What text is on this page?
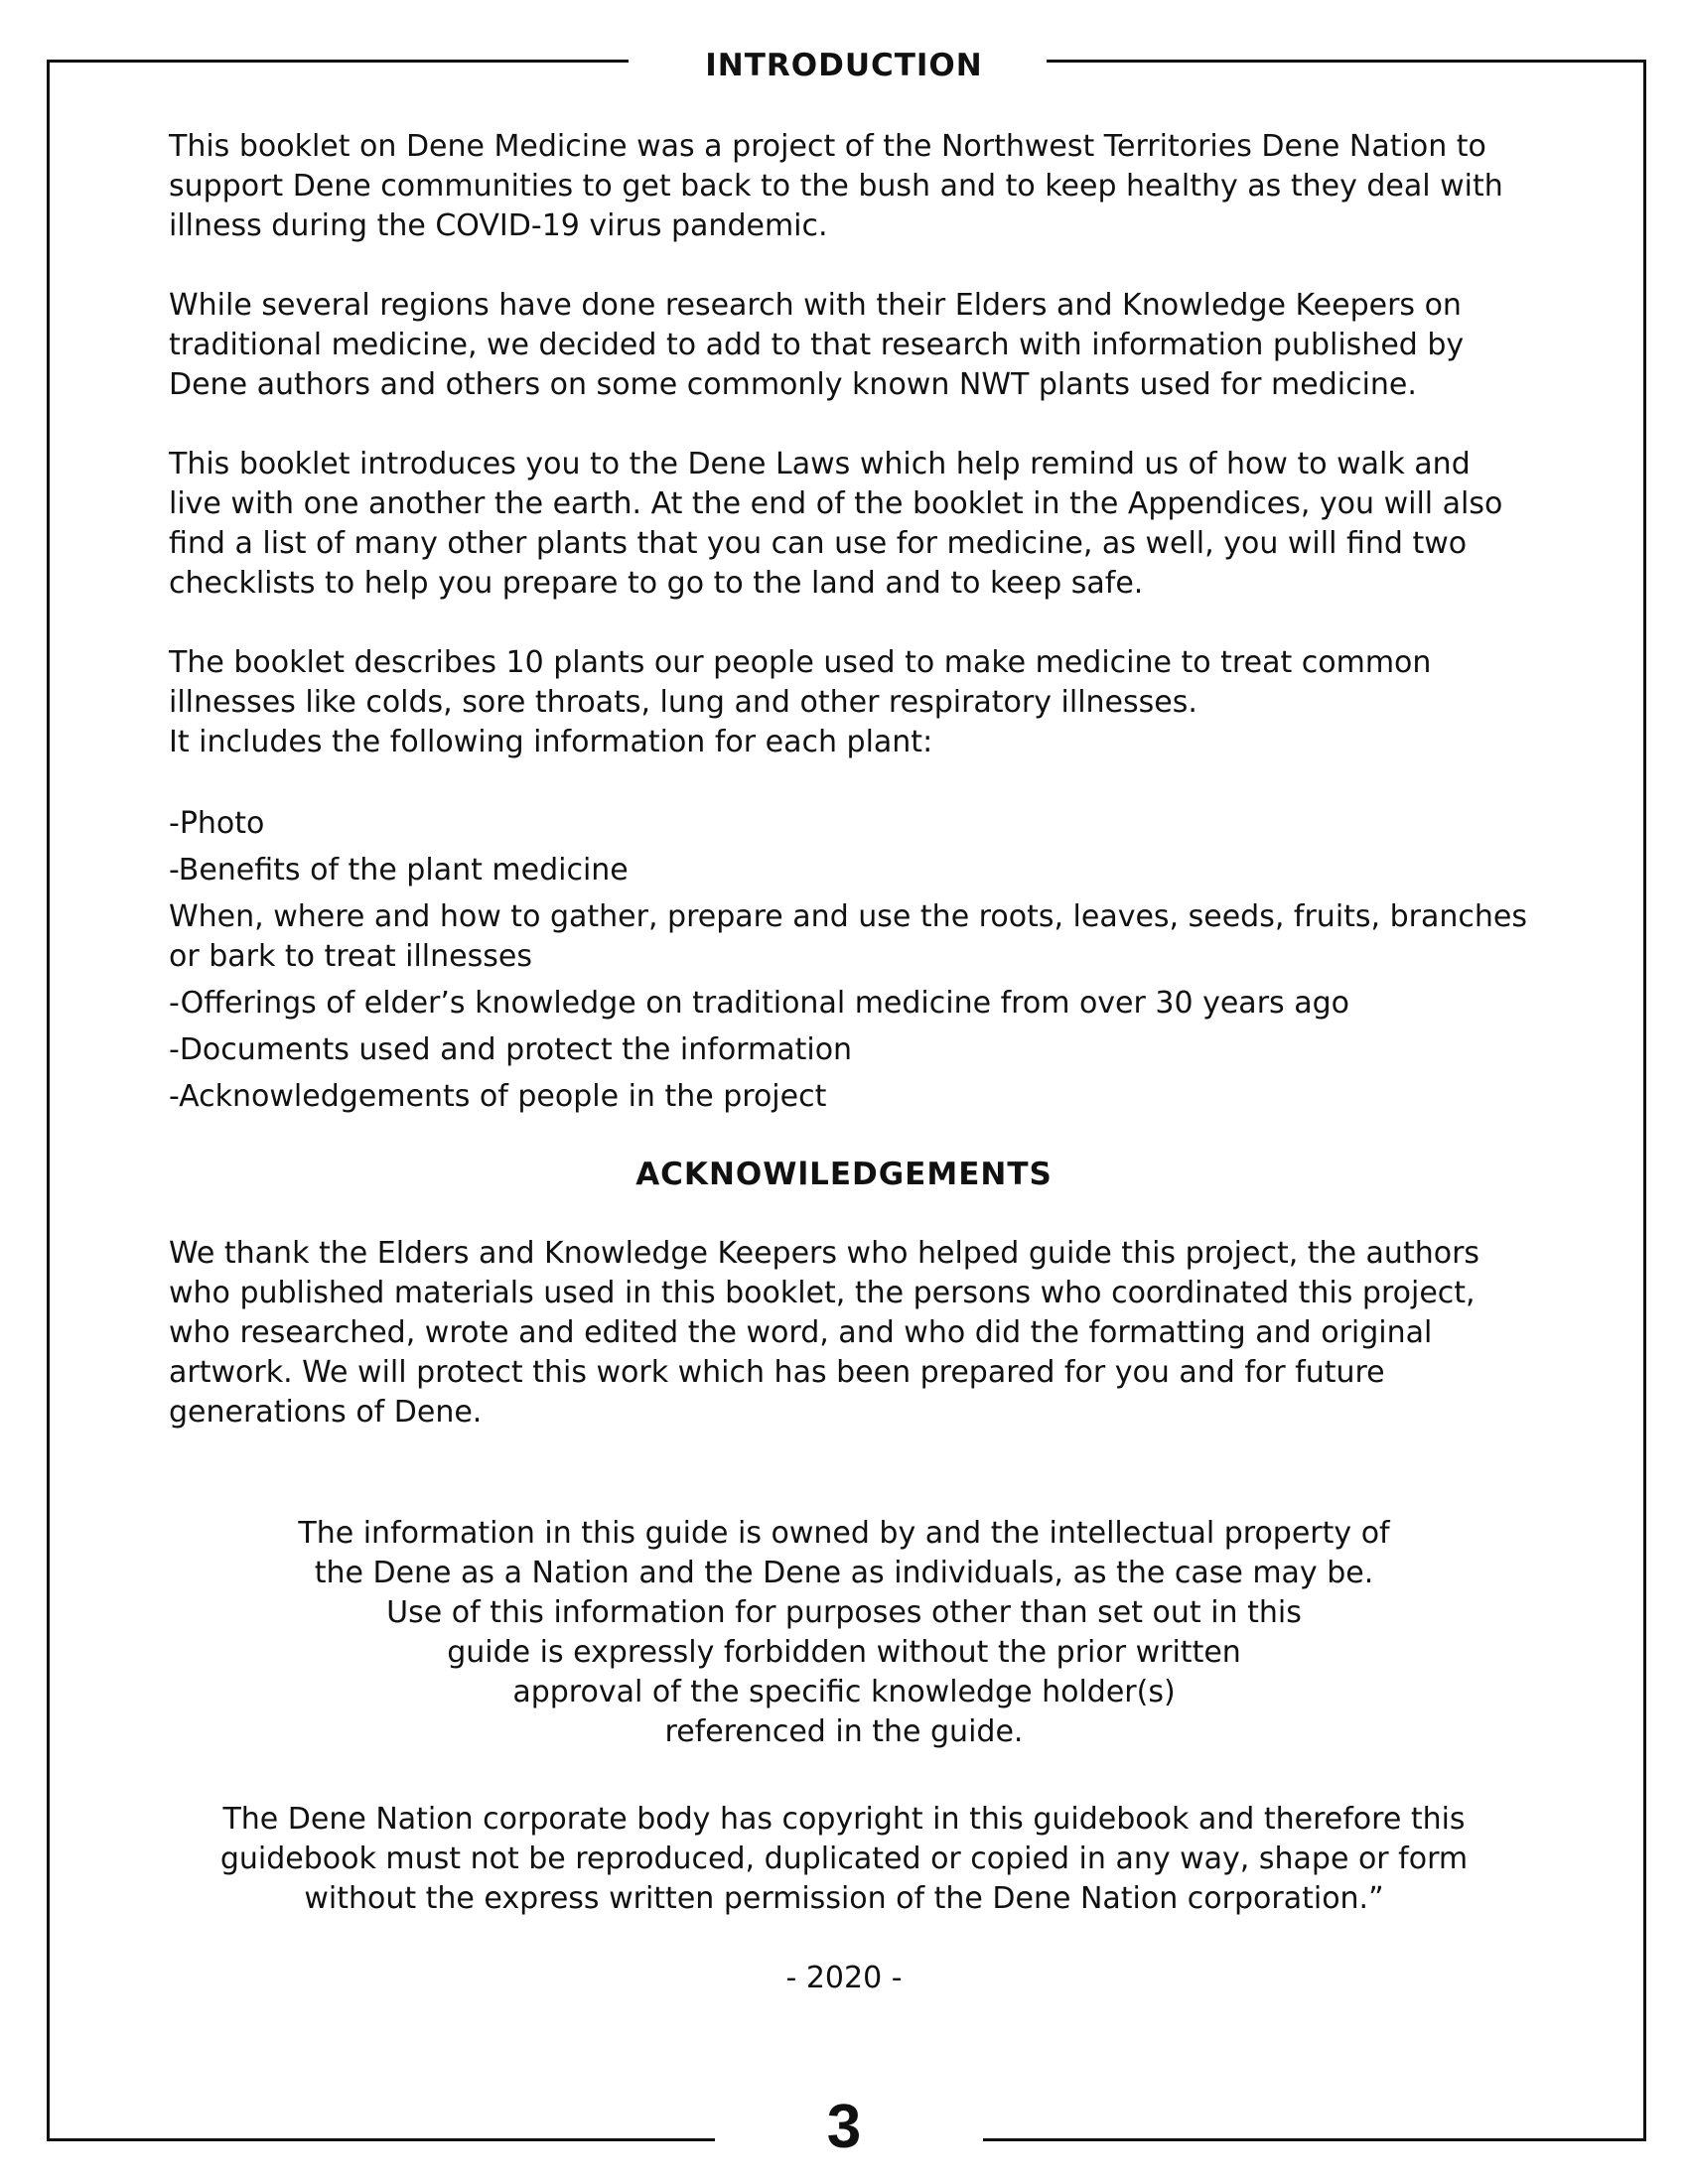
INTRODUCTION

This booklet on Dene Medicine was a project of the Northwest Territories Dene Nation to support Dene communities to get back to the bush and to keep healthy as they deal with illness during the COVID-19 virus pandemic.

While several regions have done research with their Elders and Knowledge Keepers on traditional medicine, we decided to add to that research with information published by Dene authors and others on some commonly known NWT plants used for medicine.

This booklet introduces you to the Dene Laws which help remind us of how to walk and live with one another the earth. At the end of the booklet in the Appendices, you will also find a list of many other plants that you can use for medicine, as well, you will find two checklists to help you prepare to go to the land and to keep safe.

The booklet describes 10 plants our people used to make medicine to treat common illnesses like colds, sore throats, lung and other respiratory illnesses.
It includes the following information for each plant:
-Photo
-Benefits of the plant medicine
When, where and how to gather, prepare and use the roots, leaves, seeds, fruits, branches or bark to treat illnesses
-Offerings of elder’s knowledge on traditional medicine from over 30 years ago
-Documents used and protect the information
-Acknowledgements of people in the project
ACKNOWlLEDGEMENTS

We thank the Elders and Knowledge Keepers who helped guide this project, the authors who published materials used in this booklet, the persons who coordinated this project, who researched, wrote and edited the word, and who did the formatting and original artwork. We will protect this work which has been prepared for you and for future generations of Dene.

The information in this guide is owned by and the intellectual property of
the Dene as a Nation and the Dene as individuals, as the case may be.
Use of this information for purposes other than set out in this
guide is expressly forbidden without the prior written
approval of the specific knowledge holder(s)
referenced in the guide.
The Dene Nation corporate body has copyright in this guidebook and therefore this
guidebook must not be reproduced, duplicated or copied in any way, shape or form
without the express written permission of the Dene Nation corporation.”
- 2020 -
3
